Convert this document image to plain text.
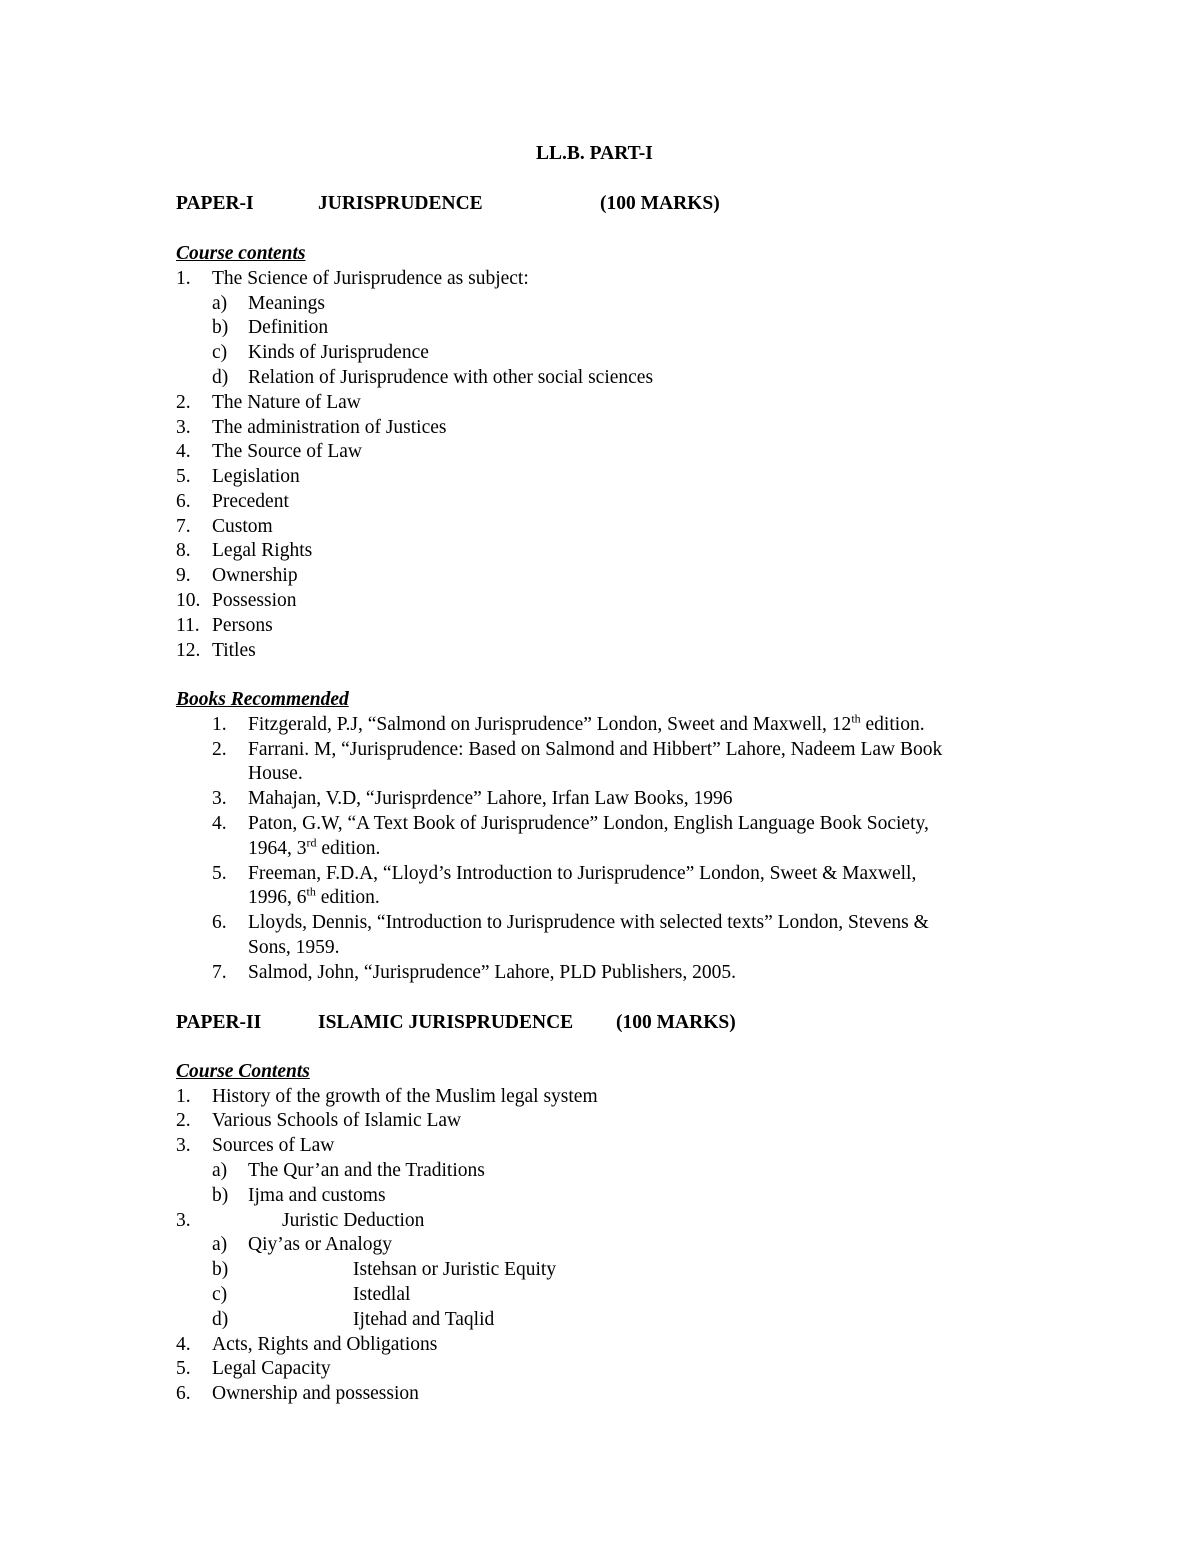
LL.B. PART-I
PAPER-I	JURISPRUDENCE	(100 MARKS)
Course contents
1. The Science of Jurisprudence as subject:
a) Meanings
b) Definition
c) Kinds of Jurisprudence
d) Relation of Jurisprudence with other social sciences
2. The Nature of Law
3. The administration of Justices
4. The Source of Law
5. Legislation
6. Precedent
7. Custom
8. Legal Rights
9. Ownership
10. Possession
11. Persons
12. Titles
Books Recommended
1. Fitzgerald, P.J, “Salmond on Jurisprudence” London, Sweet and Maxwell, 12th edition.
2. Farrani. M, “Jurisprudence: Based on Salmond and Hibbert” Lahore, Nadeem Law Book
House.
3. Mahajan, V.D, “Jurisprdence” Lahore, Irfan Law Books, 1996
4. Paton, G.W, “A Text Book of Jurisprudence” London, English Language Book Society,
1964, 3rd edition.
5. Freeman, F.D.A, “Lloyd’s Introduction to Jurisprudence” London, Sweet & Maxwell,
1996, 6th edition.
6. Lloyds, Dennis, “Introduction to Jurisprudence with selected texts” London, Stevens &
Sons, 1959.
7. Salmod, John, “Jurisprudence” Lahore, PLD Publishers, 2005.
PAPER-II	ISLAMIC JURISPRUDENCE (100 MARKS)
Course Contents
1. History of the growth of the Muslim legal system
2. Various Schools of Islamic Law
3. Sources of Law
a) The Qur’an and the Traditions
b) Ijma and customs
3.	Juristic Deduction
a) Qiy’as or Analogy
b)	Istehsan or Juristic Equity
c)	Istedlal
d)	Ijtehad and Taqlid
4. Acts, Rights and Obligations
5. Legal Capacity
6. Ownership and possession
